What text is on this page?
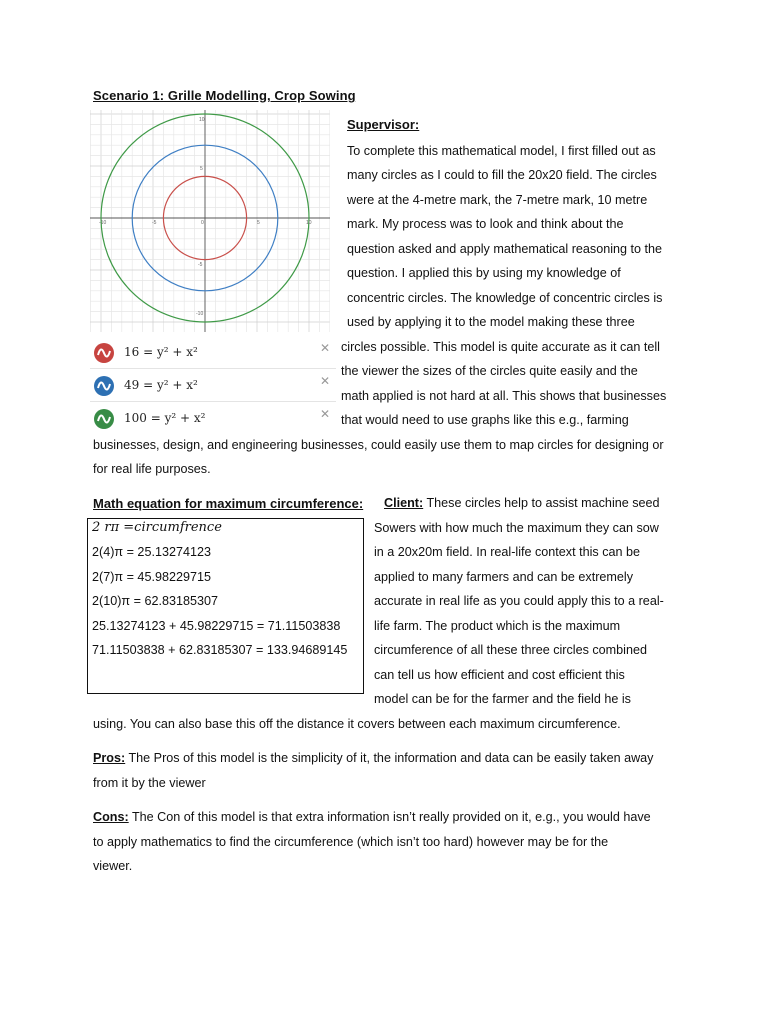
Scenario 1: Grille Modelling, Crop Sowing
-10	-5	0	5	10
10
5
-5
-10
16 = y² + x²	✕
49 = y² + x²	✕
100 = y² + x²	✕
Supervisor:
To complete this mathematical model, I first filled out as
many circles as I could to fill the 20x20 field. The circles
were at the 4-metre mark, the 7-metre mark, 10 metre
mark. My process was to look and think about the
question asked and apply mathematical reasoning to the
question. I applied this by using my knowledge of
concentric circles. The knowledge of concentric circles is
used by applying it to the model making these three
circles possible. This model is quite accurate as it can tell
the viewer the sizes of the circles quite easily and the
math applied is not hard at all. This shows that businesses
that would need to use graphs like this e.g., farming
businesses, design, and engineering businesses, could easily use them to map circles for designing or
for real life purposes.
Math equation for maximum circumference: Client: These circles help to assist machine seed
2 rπ =circumfrence
2(4)π = 25.13274123
2(7)π = 45.98229715
2(10)π = 62.83185307
25.13274123 + 45.98229715 = 71.11503838
71.11503838 + 62.83185307 = 133.94689145
Sowers with how much the maximum they can sow
in a 20x20m field. In real-life context this can be
applied to many farmers and can be extremely
accurate in real life as you could apply this to a real-
life farm. The product which is the maximum
circumference of all these three circles combined
can tell us how efficient and cost efficient this
model can be for the farmer and the field he is
using. You can also base this off the distance it covers between each maximum circumference.
Pros: The Pros of this model is the simplicity of it, the information and data can be easily taken away
from it by the viewer
Cons: The Con of this model is that extra information isn’t really provided on it, e.g., you would have
to apply mathematics to find the circumference (which isn’t too hard) however may be for the
viewer.
